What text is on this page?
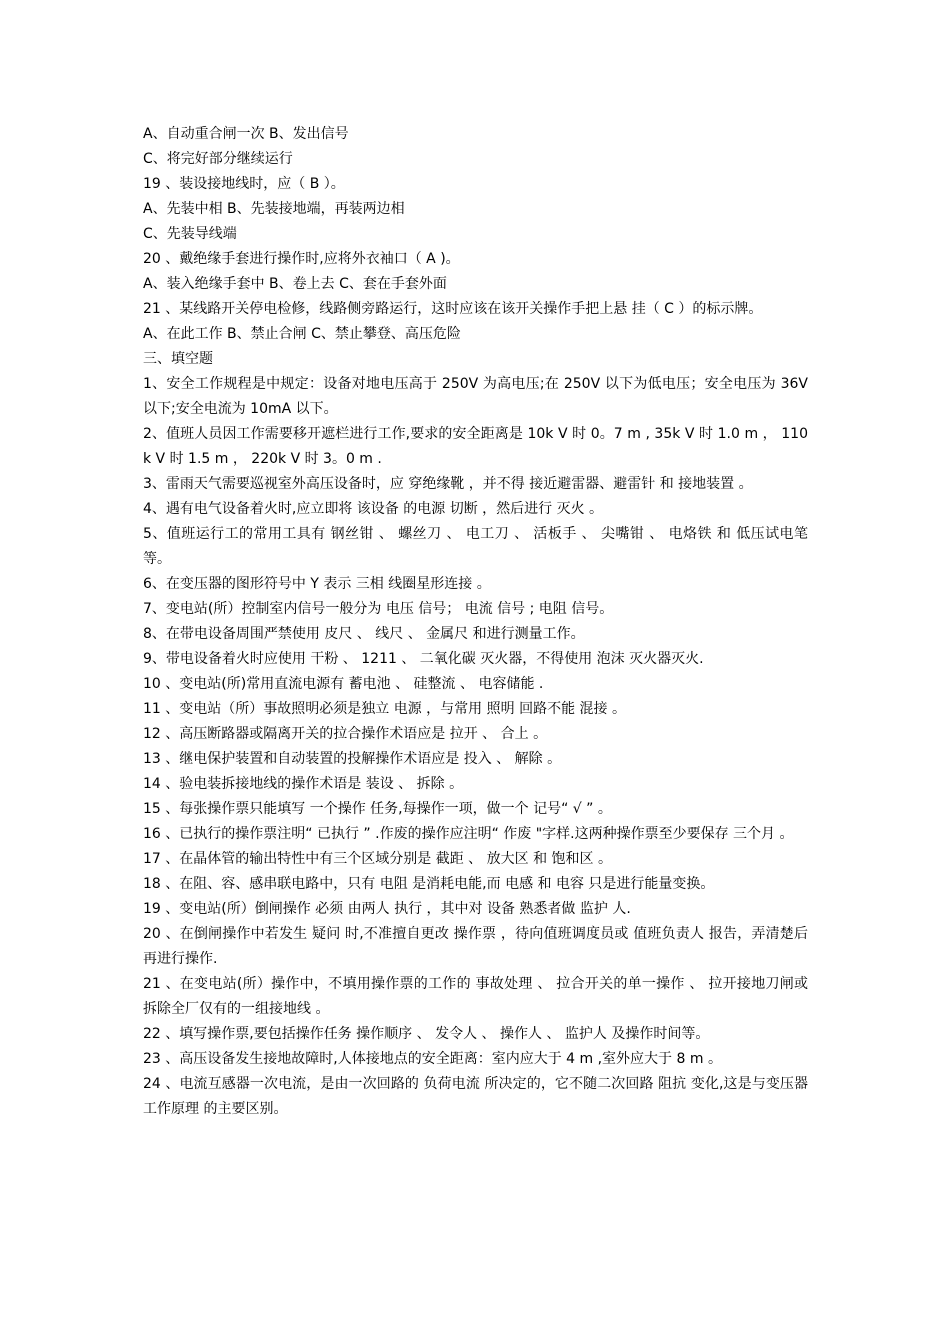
A、自动重合闸一次 B、发出信号

C、将完好部分继续运行

19 、装设接地线时，应（ B ）。

A、先装中相 B、先装接地端，再装两边相

C、先装导线端

20 、戴绝缘手套进行操作时,应将外衣袖口（ A )。

A、装入绝缘手套中 B、卷上去 C、套在手套外面

21 、某线路开关停电检修，线路侧旁路运行，这时应该在该开关操作手把上悬 挂（ C ）的标示牌。

A、在此工作 B、禁止合闸 C、禁止攀登、高压危险

三、填空题

1、安全工作规程是中规定：设备对地电压高于 250V 为高电压;在 250V 以下为低电压；安全电压为 36V 以下;安全电流为 10mA 以下。

2、值班人员因工作需要移开遮栏进行工作,要求的安全距离是 10k V 时 0。7 m , 35k V 时 1.0 m ， 110k V 时 1.5 m ， 220k V 时 3。0 m .

3、雷雨天气需要巡视室外高压设备时，应 穿绝缘靴 ，并不得 接近避雷器、避雷针 和 接地装置 。

4、遇有电气设备着火时,应立即将 该设备 的电源 切断 ，然后进行 灭火 。

5、值班运行工的常用工具有 钢丝钳 、 螺丝刀 、 电工刀 、 活板手 、 尖嘴钳 、 电烙铁 和 低压试电笔等。

6、在变压器的图形符号中 Y 表示 三相 线圈星形连接 。

7、变电站(所）控制室内信号一般分为 电压 信号； 电流 信号 ; 电阻 信号。

8、在带电设备周围严禁使用 皮尺 、 线尺 、 金属尺 和进行测量工作。

9、带电设备着火时应使用 干粉 、 1211 、 二氧化碳 灭火器，不得使用 泡沫 灭火器灭火.

10 、变电站(所)常用直流电源有 蓄电池 、 硅整流 、 电容储能 .

11 、变电站（所）事故照明必须是独立 电源 ，与常用 照明 回路不能 混接 。

12 、高压断路器或隔离开关的拉合操作术语应是 拉开 、 合上 。

13 、继电保护装置和自动装置的投解操作术语应是 投入 、 解除 。

14 、验电装拆接地线的操作术语是 装设 、 拆除 。

15 、每张操作票只能填写 一个操作 任务,每操作一项，做一个 记号“ √ ” 。

16 、已执行的操作票注明“ 已执行 ” .作废的操作应注明“ 作废 "字样.这两种操作票至少要保存 三个月 。

17 、在晶体管的输出特性中有三个区域分别是 截距 、 放大区 和 饱和区 。

18 、在阻、容、感串联电路中，只有 电阻 是消耗电能,而 电感 和 电容 只是进行能量变换。

19 、变电站(所）倒闸操作 必须 由两人 执行 ，其中对 设备 熟悉者做 监护 人.

20 、在倒闸操作中若发生 疑问 时,不准擅自更改 操作票 ，待向值班调度员或 值班负责人 报告，弄清楚后再进行操作.

21 、在变电站(所）操作中，不填用操作票的工作的 事故处理 、 拉合开关的单一操作 、 拉开接地刀闸或拆除全厂仅有的一组接地线 。

22 、填写操作票,要包括操作任务 操作顺序 、 发令人 、 操作人 、 监护人 及操作时间等。

23 、高压设备发生接地故障时,人体接地点的安全距离：室内应大于 4 m ,室外应大于 8 m 。

24 、电流互感器一次电流，是由一次回路的 负荷电流 所决定的，它不随二次回路 阻抗 变化,这是与变压器 工作原理 的主要区别。
